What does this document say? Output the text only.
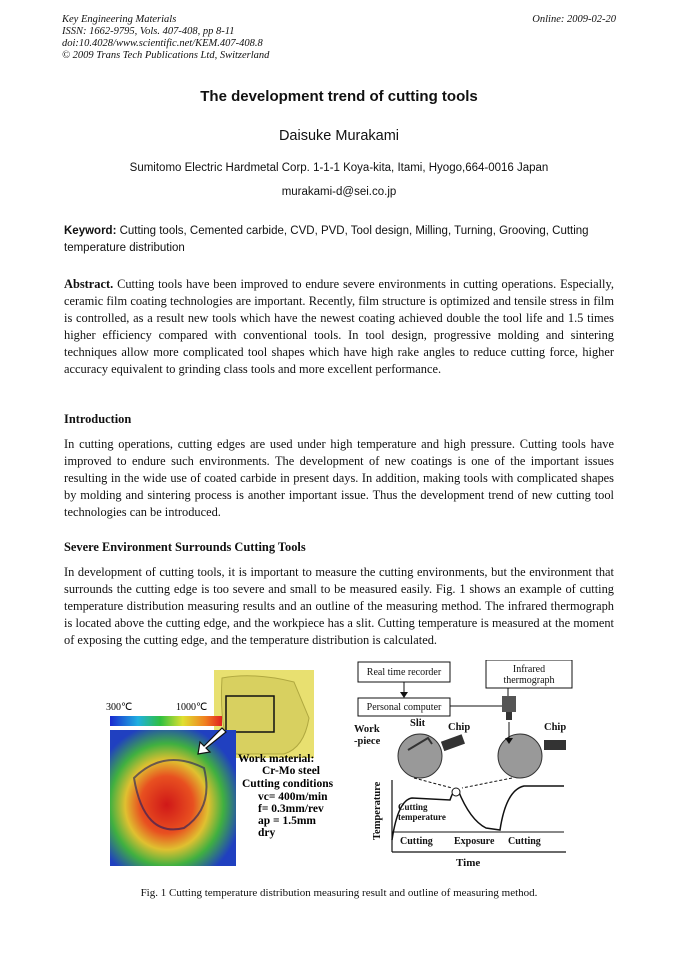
Key Engineering Materials
ISSN: 1662-9795, Vols. 407-408, pp 8-11
doi:10.4028/www.scientific.net/KEM.407-408.8
© 2009 Trans Tech Publications Ltd, Switzerland
Online: 2009-02-20
The development trend of cutting tools
Daisuke Murakami
Sumitomo Electric Hardmetal Corp. 1-1-1 Koya-kita, Itami, Hyogo,664-0016 Japan
murakami-d@sei.co.jp
Keyword: Cutting tools, Cemented carbide, CVD, PVD, Tool design, Milling, Turning, Grooving, Cutting temperature distribution
Abstract. Cutting tools have been improved to endure severe environments in cutting operations. Especially, ceramic film coating technologies are important. Recently, film structure is optimized and tensile stress in film is controlled, as a result new tools which have the newest coating achieved double the tool life and 1.5 times higher efficiency compared with conventional tools. In tool design, progressive molding and sintering techniques allow more complicated tool shapes which have high rake angles to reduce cutting force, higher accuracy equivalent to grinding class tools and more excellent performance.
Introduction
In cutting operations, cutting edges are used under high temperature and high pressure. Cutting tools have improved to endure such environments. The development of new coatings is one of the important issues resulting in the wide use of coated carbide in present days. In addition, making tools with complicated shapes by molding and sintering process is another important issue. Thus the development trend of new cutting tool technologies can be introduced.
Severe Environment Surrounds Cutting Tools
In development of cutting tools, it is important to measure the cutting environments, but the environment that surrounds the cutting edge is too severe and small to be measured easily. Fig. 1 shows an example of cutting temperature distribution measuring results and an outline of the measuring method. The infrared thermograph is located above the cutting edge, and the workpiece has a slit. Cutting temperature is measured at the moment of exposing the cutting edge, and the temperature distribution is calculated.
300℃	1000℃
Work material:
Cr-Mo steel
Cutting conditions
vc= 400m/min
f= 0.3mm/rev
ap = 1.5mm
dry
Real time recorder	Infrared
thermograph
Personal computer
Work
-piece
Slit Chip	Chip
Temperature Cutting
temperature
Cutting Exposure Cutting
Time
Fig. 1 Cutting temperature distribution measuring result and outline of measuring method.
